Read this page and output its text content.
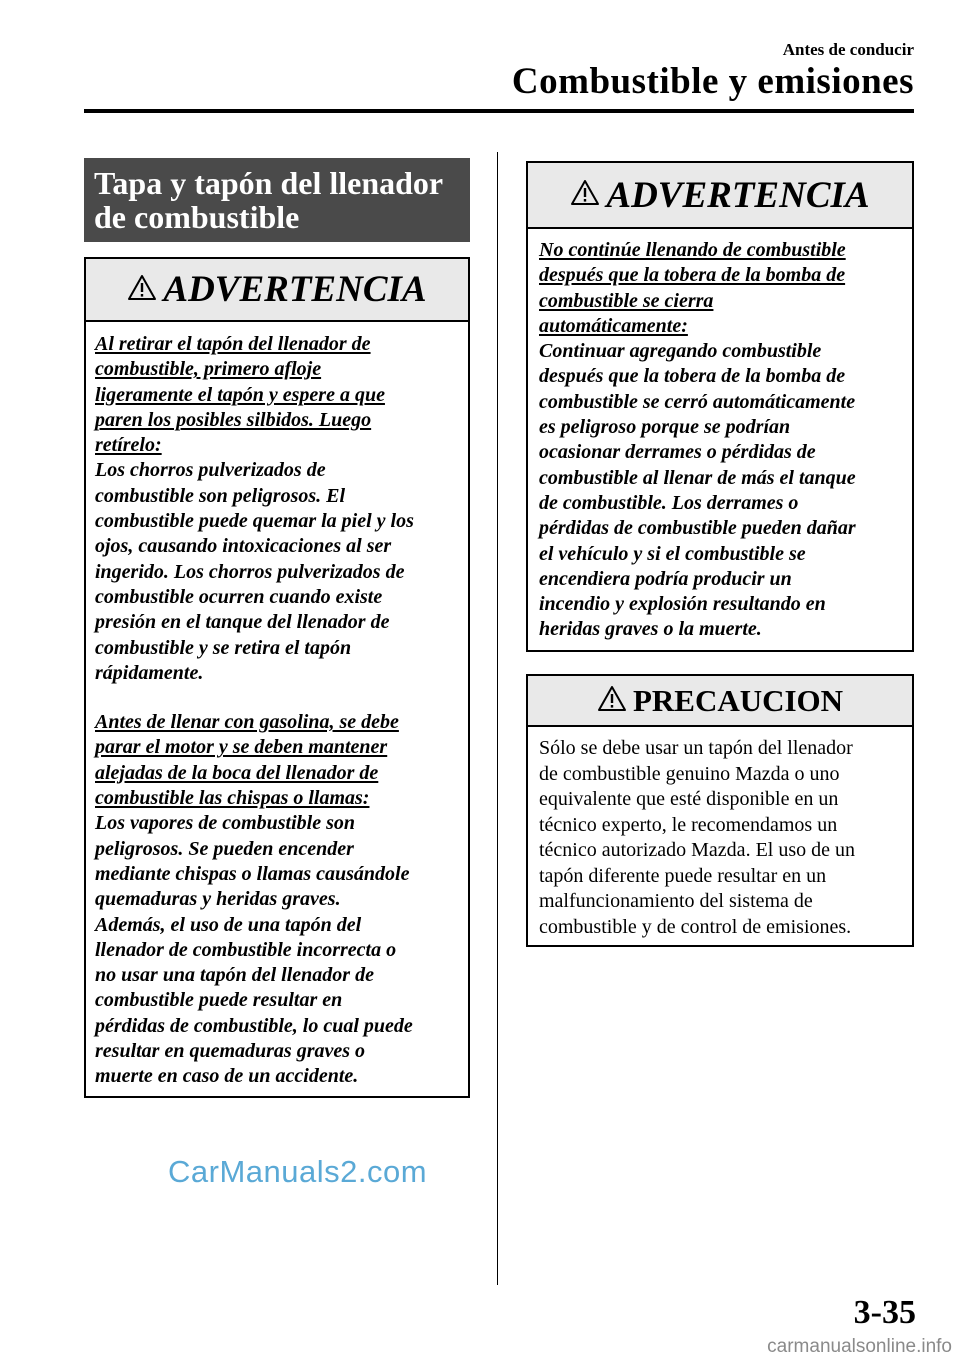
Antes de conducir
Combustible y emisiones
Tapa y tapón del llenador
de combustible
ADVERTENCIA
Al retirar el tapón del llenador de
combustible, primero afloje
ligeramente el tapón y espere a que
paren los posibles silbidos. Luego
retírelo:
Los chorros pulverizados de
combustible son peligrosos. El
combustible puede quemar la piel y los
ojos, causando intoxicaciones al ser
ingerido. Los chorros pulverizados de
combustible ocurren cuando existe
presión en el tanque del llenador de
combustible y se retira el tapón
rápidamente.
Antes de llenar con gasolina, se debe
parar el motor y se deben mantener
alejadas de la boca del llenador de
combustible las chispas o llamas:
Los vapores de combustible son
peligrosos. Se pueden encender
mediante chispas o llamas causándole
quemaduras y heridas graves.
Además, el uso de una tapón del
llenador de combustible incorrecta o
no usar una tapón del llenador de
combustible puede resultar en
pérdidas de combustible, lo cual puede
resultar en quemaduras graves o
muerte en caso de un accidente.
ADVERTENCIA
No continúe llenando de combustible
después que la tobera de la bomba de
combustible se cierra
automáticamente:
Continuar agregando combustible
después que la tobera de la bomba de
combustible se cerró automáticamente
es peligroso porque se podrían
ocasionar derrames o pérdidas de
combustible al llenar de más el tanque
de combustible. Los derrames o
pérdidas de combustible pueden dañar
el vehículo y si el combustible se
encendiera podría producir un
incendio y explosión resultando en
heridas graves o la muerte.
PRECAUCION
Sólo se debe usar un tapón del llenador
de combustible genuino Mazda o uno
equivalente que esté disponible en un
técnico experto, le recomendamos un
técnico autorizado Mazda. El uso de un
tapón diferente puede resultar en un
malfuncionamiento del sistema de
combustible y de control de emisiones.
CarManuals2.com
3-35
carmanualsonline.info
